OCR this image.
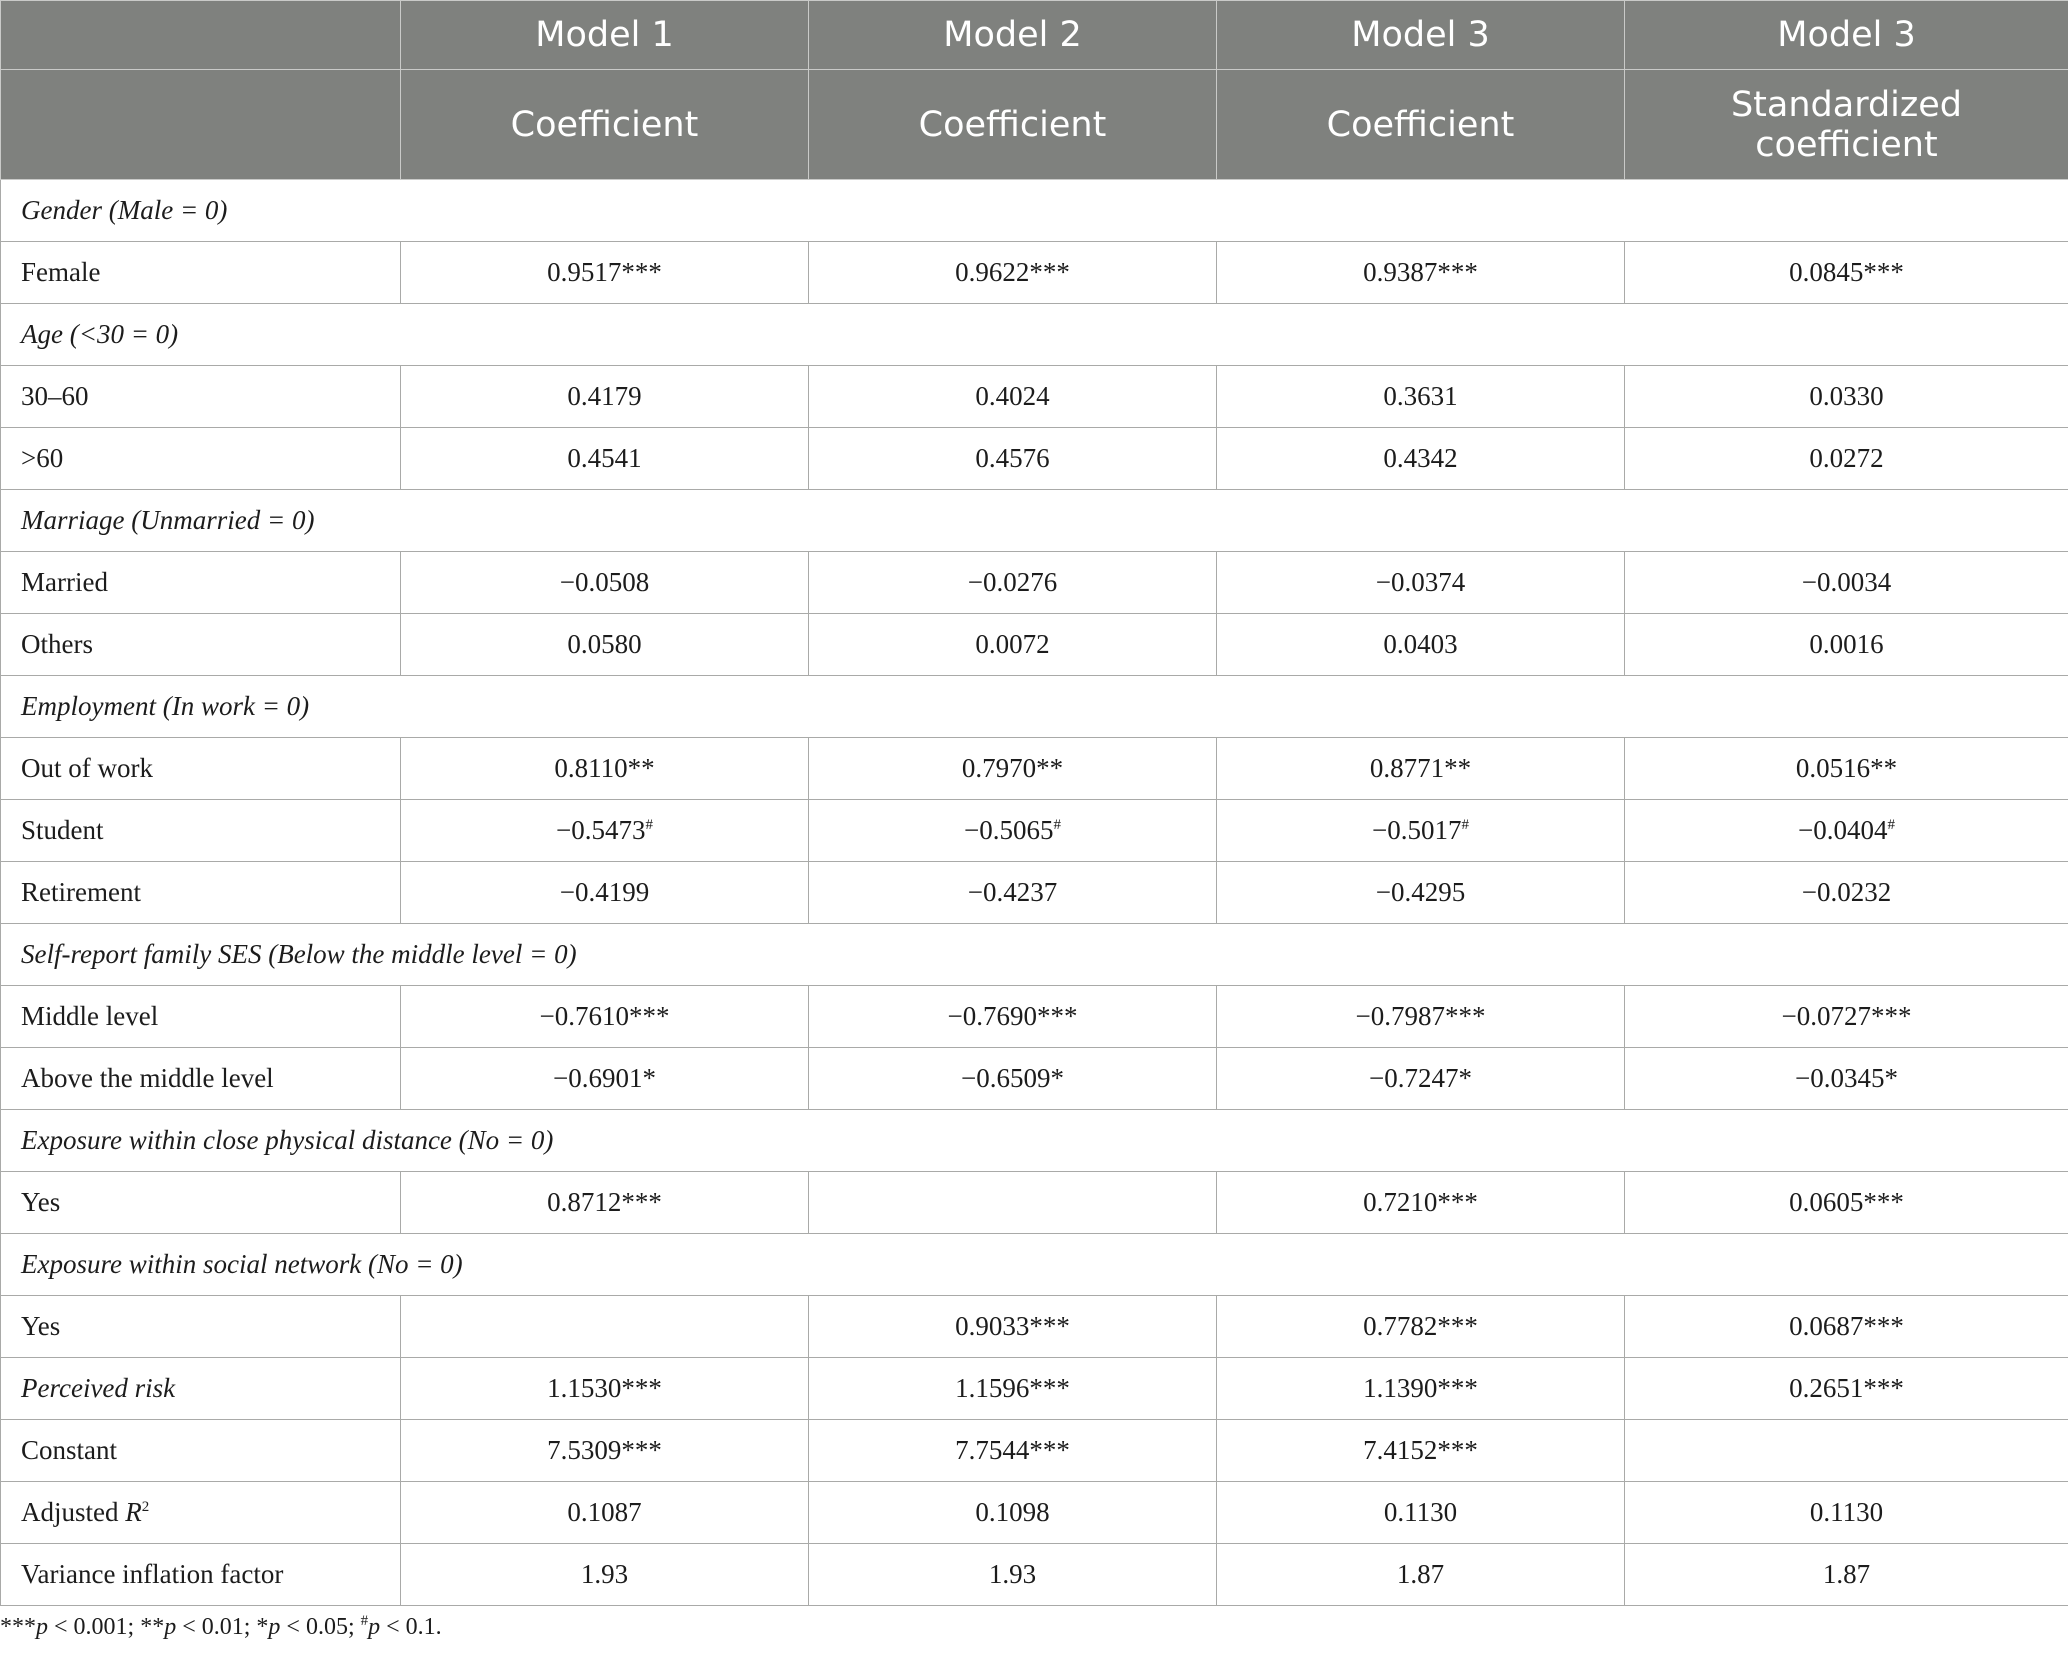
	Model 1	Model 2	Model 3	Model 3
	Coefficient	Coefficient	Coefficient	Standardized coefficient
Gender (Male = 0)				
Female	0.9517***	0.9622***	0.9387***	0.0845***
Age (<30 = 0)				
30–60	0.4179	0.4024	0.3631	0.0330
>60	0.4541	0.4576	0.4342	0.0272
Marriage (Unmarried = 0)				
Married	−0.0508	−0.0276	−0.0374	−0.0034
Others	0.0580	0.0072	0.0403	0.0016
Employment (In work = 0)				
Out of work	0.8110**	0.7970**	0.8771**	0.0516**
Student	−0.5473#	−0.5065#	−0.5017#	−0.0404#
Retirement	−0.4199	−0.4237	−0.4295	−0.0232
Self-report family SES (Below the middle level = 0)				
Middle level	−0.7610***	−0.7690***	−0.7987***	−0.0727***
Above the middle level	−0.6901*	−0.6509*	−0.7247*	−0.0345*
Exposure within close physical distance (No = 0)				
Yes	0.8712***		0.7210***	0.0605***
Exposure within social network (No = 0)				
Yes		0.9033***	0.7782***	0.0687***
Perceived risk	1.1530***	1.1596***	1.1390***	0.2651***
Constant	7.5309***	7.7544***	7.4152***	
Adjusted $R^2$	0.1087	0.1098	0.1130	0.1130
Variance inflation factor	1.93	1.93	1.87	1.87
***p < 0.001; **p < 0.01; *p < 0.05; #p < 0.1.
